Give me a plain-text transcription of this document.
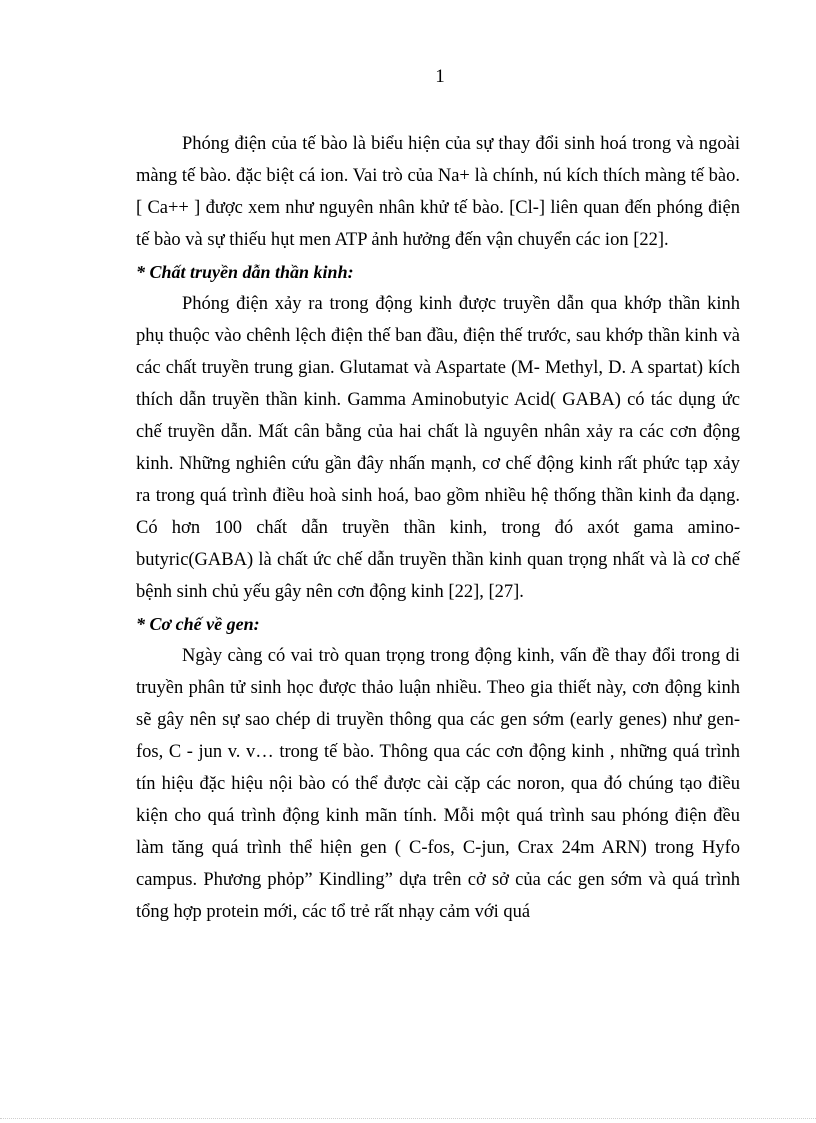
1

Phóng điện của tế bào là biểu hiện của sự thay đổi sinh hoá trong và ngoài màng tế bào. đặc biệt cá ion. Vai trò của Na+ là chính, nú kích thích màng tế bào. [ Ca++ ] được xem như nguyên nhân khử tế bào. [Cl-] liên quan đến phóng điện tế bào và sự thiếu hụt men ATP ảnh hưởng đến vận chuyển các ion [22].

* Chất truyền dẫn thần kinh:

Phóng điện xảy ra trong động kinh được truyền dẫn qua khớp thần kinh phụ thuộc vào chênh lệch điện thế ban đầu, điện thế trước, sau khớp thần kinh và các chất truyền trung gian. Glutamat và Aspartate (M- Methyl, D. A spartat) kích thích dẫn truyền thần kinh. Gamma Aminobutyic Acid( GABA) có tác dụng ức chế truyền dẫn. Mất cân bằng của hai chất là nguyên nhân xảy ra các cơn động kinh. Những nghiên cứu gần đây nhấn mạnh, cơ chế động kinh rất phức tạp xảy ra trong quá trình điều hoà sinh hoá, bao gồm nhiều hệ thống thần kinh đa dạng. Có hơn 100 chất dẫn truyền thần kinh, trong đó axót gama amino-butyric(GABA) là chất ức chế dẫn truyền thần kinh quan trọng nhất và là cơ chế bệnh sinh chủ yếu gây nên cơn động kinh [22], [27].

* Cơ chế về gen:

Ngày càng có vai trò quan trọng trong động kinh, vấn đề thay đổi trong di truyền phân tử sinh học được thảo luận nhiều. Theo gia thiết này, cơn động kinh sẽ gây nên sự sao chép di truyền thông qua các gen sớm (early genes) như gen-fos, C - jun v. v… trong tế bào. Thông qua các cơn động kinh , những quá trình tín hiệu đặc hiệu nội bào có thể được cài cặp các noron, qua đó chúng tạo điều kiện cho quá trình động kinh mãn tính. Mỗi một quá trình sau phóng điện đều làm tăng quá trình thể hiện gen ( C-fos, C-jun, Crax 24m ARN) trong Hyfo campus. Phương phỏp” Kindling” dựa trên cở sở của các gen sớm và quá trình tổng hợp protein mới, các tổ trẻ rất nhạy cảm với quá
